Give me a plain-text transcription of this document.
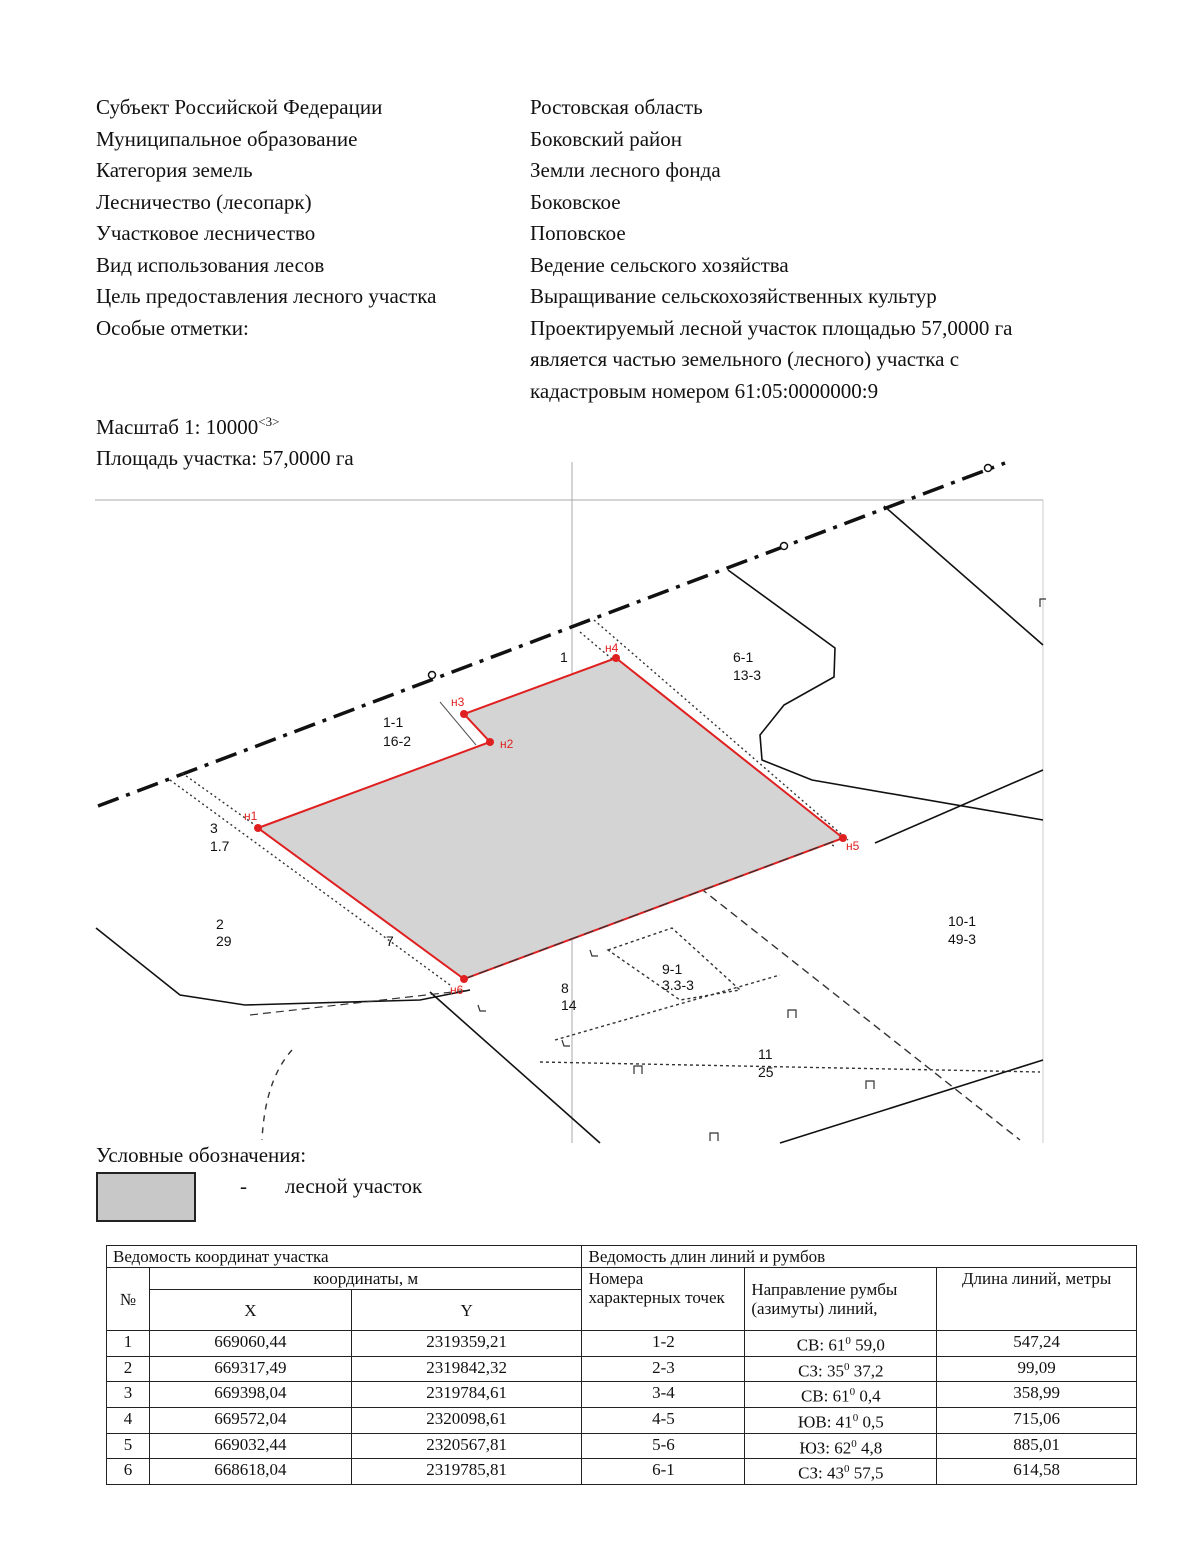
Субъект Российской Федерации	Ростовская область
Муниципальное образование	Боковский район
Категория земель	Земли лесного фонда
Лесничество (лесопарк)	Боковское
Участковое лесничество	Поповское
Вид использования лесов	Ведение сельского хозяйства
Цель предоставления лесного участка	Выращивание сельскохозяйственных культур
Особые отметки:	Проектируемый лесной участок площадью 57,0000 га
является частью земельного (лесного) участка с
кадастровым номером 61:05:0000000:9
Масштаб 1: $10000^{<3>}$
Площадь участка: 57,0000 га
н1
н2
н3
н4
н5
н6
1
1-1
16-2
6-1
13-3
3
1.7
2
29	7
8
14
9-1
3.3-3
10-1
49-3
11
25
Условные обозначения:
- лесной участок
Ведомость координат участка			Ведомость длин линий и румбов		
№	координаты, м		Номера характерных точек	Направление румбы (азимуты) линий,	Длина линий, метры
	X	Y			
1	669060,44	2319359,21	1-2	СВ: $61^0$ 59,0	547,24
2	669317,49	2319842,32	2-3	СЗ: $35^0$ 37,2	99,09
3	669398,04	2319784,61	3-4	СВ: $61^0$ 0,4	358,99
4	669572,04	2320098,61	4-5	ЮВ: $41^0$ 0,5	715,06
5	669032,44	2320567,81	5-6	ЮЗ: $62^0$ 4,8	885,01
6	668618,04	2319785,81	6-1	СЗ: $43^0$ 57,5	614,58
